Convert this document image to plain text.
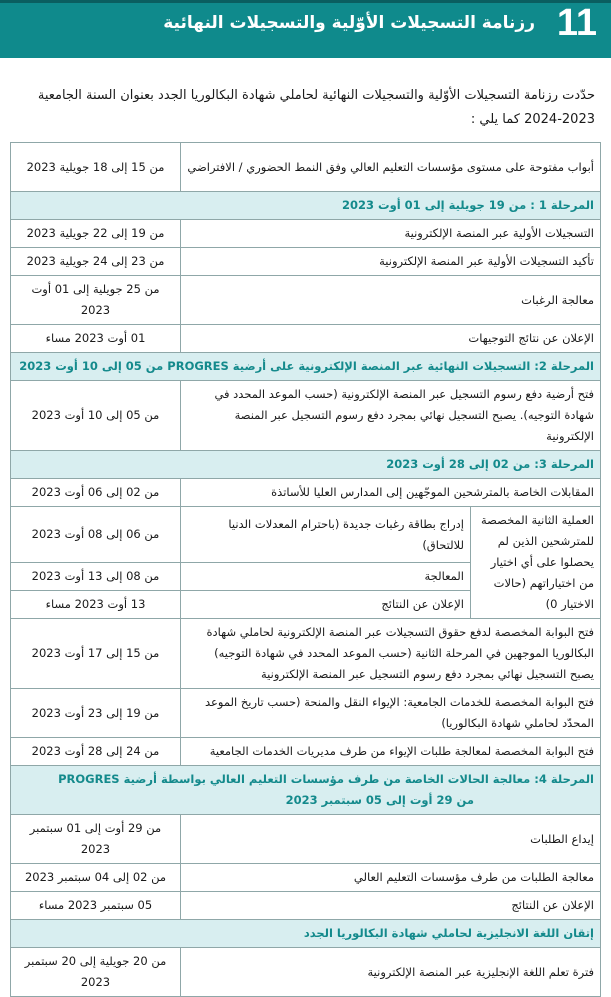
11
رزنامة التسجيلات الأوّلية والتسجيلات النهائية
حدّدت رزنامة التسجيلات الأوّلية والتسجيلات النهائية لحاملي شهادة البكالوريا الجدد بعنوان السنة الجامعية 2023-2024 كما يلي :
أبواب مفتوحة على مستوى مؤسسات التعليم العالي وفق النمط الحضوري / الافتراضي		من 15 إلى 18 جويلية 2023
المرحلة 1 : من 19 جويلية إلى 01 أوت 2023		
التسجيلات الأولية عبر المنصة الإلكترونية		من 19 إلى 22 جويلية 2023
تأكيد التسجيلات الأولية عبر المنصة الإلكترونية		من 23 إلى 24 جويلية 2023
معالجة الرغبات		من 25 جويلية إلى 01 أوت 2023
الإعلان عن نتائج التوجيهات		01 أوت 2023 مساء
المرحلة 2: التسجيلات النهائية عبر المنصة الإلكترونية على أرضية PROGRES من 05 إلى 10 أوت 2023		
فتح أرضية دفع رسوم التسجيل عبر المنصة الإلكترونية (حسب الموعد المحدد في شهادة التوجيه). يصبح التسجيل نهائي بمجرد دفع رسوم التسجيل عبر المنصة الإلكترونية		من 05 إلى 10 أوت 2023
المرحلة 3: من 02 إلى 28 أوت 2023		
المقابلات الخاصة بالمترشحين الموجّهين إلى المدارس العليا للأساتذة		من 02 إلى 06 أوت 2023
العملية الثانية المخصصة للمترشحين الذين لم يحصلوا على أي اختيار من اختياراتهم (حالات الاختيار 0)	إدراج بطاقة رغبات جديدة (باحترام المعدلات الدنيا للالتحاق)	من 06 إلى 08 أوت 2023
	المعالجة	من 08 إلى 13 أوت 2023
	الإعلان عن النتائج	13 أوت 2023 مساء
فتح البوابة المخصصة لدفع حقوق التسجيلات عبر المنصة الإلكترونية لحاملي شهادة البكالوريا الموجهين في المرحلة الثانية (حسب الموعد المحدد في شهادة التوجيه) يصبح التسجيل نهائي بمجرد دفع رسوم التسجيل عبر المنصة الإلكترونية		من 15 إلى 17 أوت 2023
فتح البوابة المخصصة للخدمات الجامعية: الإيواء النقل والمنحة (حسب تاريخ الموعد المحدّد لحاملي شهادة البكالوريا)		من 19 إلى 23 أوت 2023
فتح البوابة المخصصة لمعالجة طلبات الإيواء من طرف مديريات الخدمات الجامعية		من 24 إلى 28 أوت 2023

المرحلة 4: معالجة الحالات الخاصة من طرف مؤسسات التعليم العالي بواسطة أرضية PROGRES
من 29 أوت إلى 05 سبتمبر 2023		

إيداع الطلبات		من 29 أوت إلى 01 سبتمبر 2023
معالجة الطلبات من طرف مؤسسات التعليم العالي		من 02 إلى 04 سبتمبر 2023
الإعلان عن النتائج		05 سبتمبر 2023 مساء
إتقان اللغة الانجليزية لحاملي شهادة البكالوريا الجدد		
فترة تعلم اللغة الإنجليزية عبر المنصة الإلكترونية		من 20 جويلية إلى 20 سبتمبر 2023
